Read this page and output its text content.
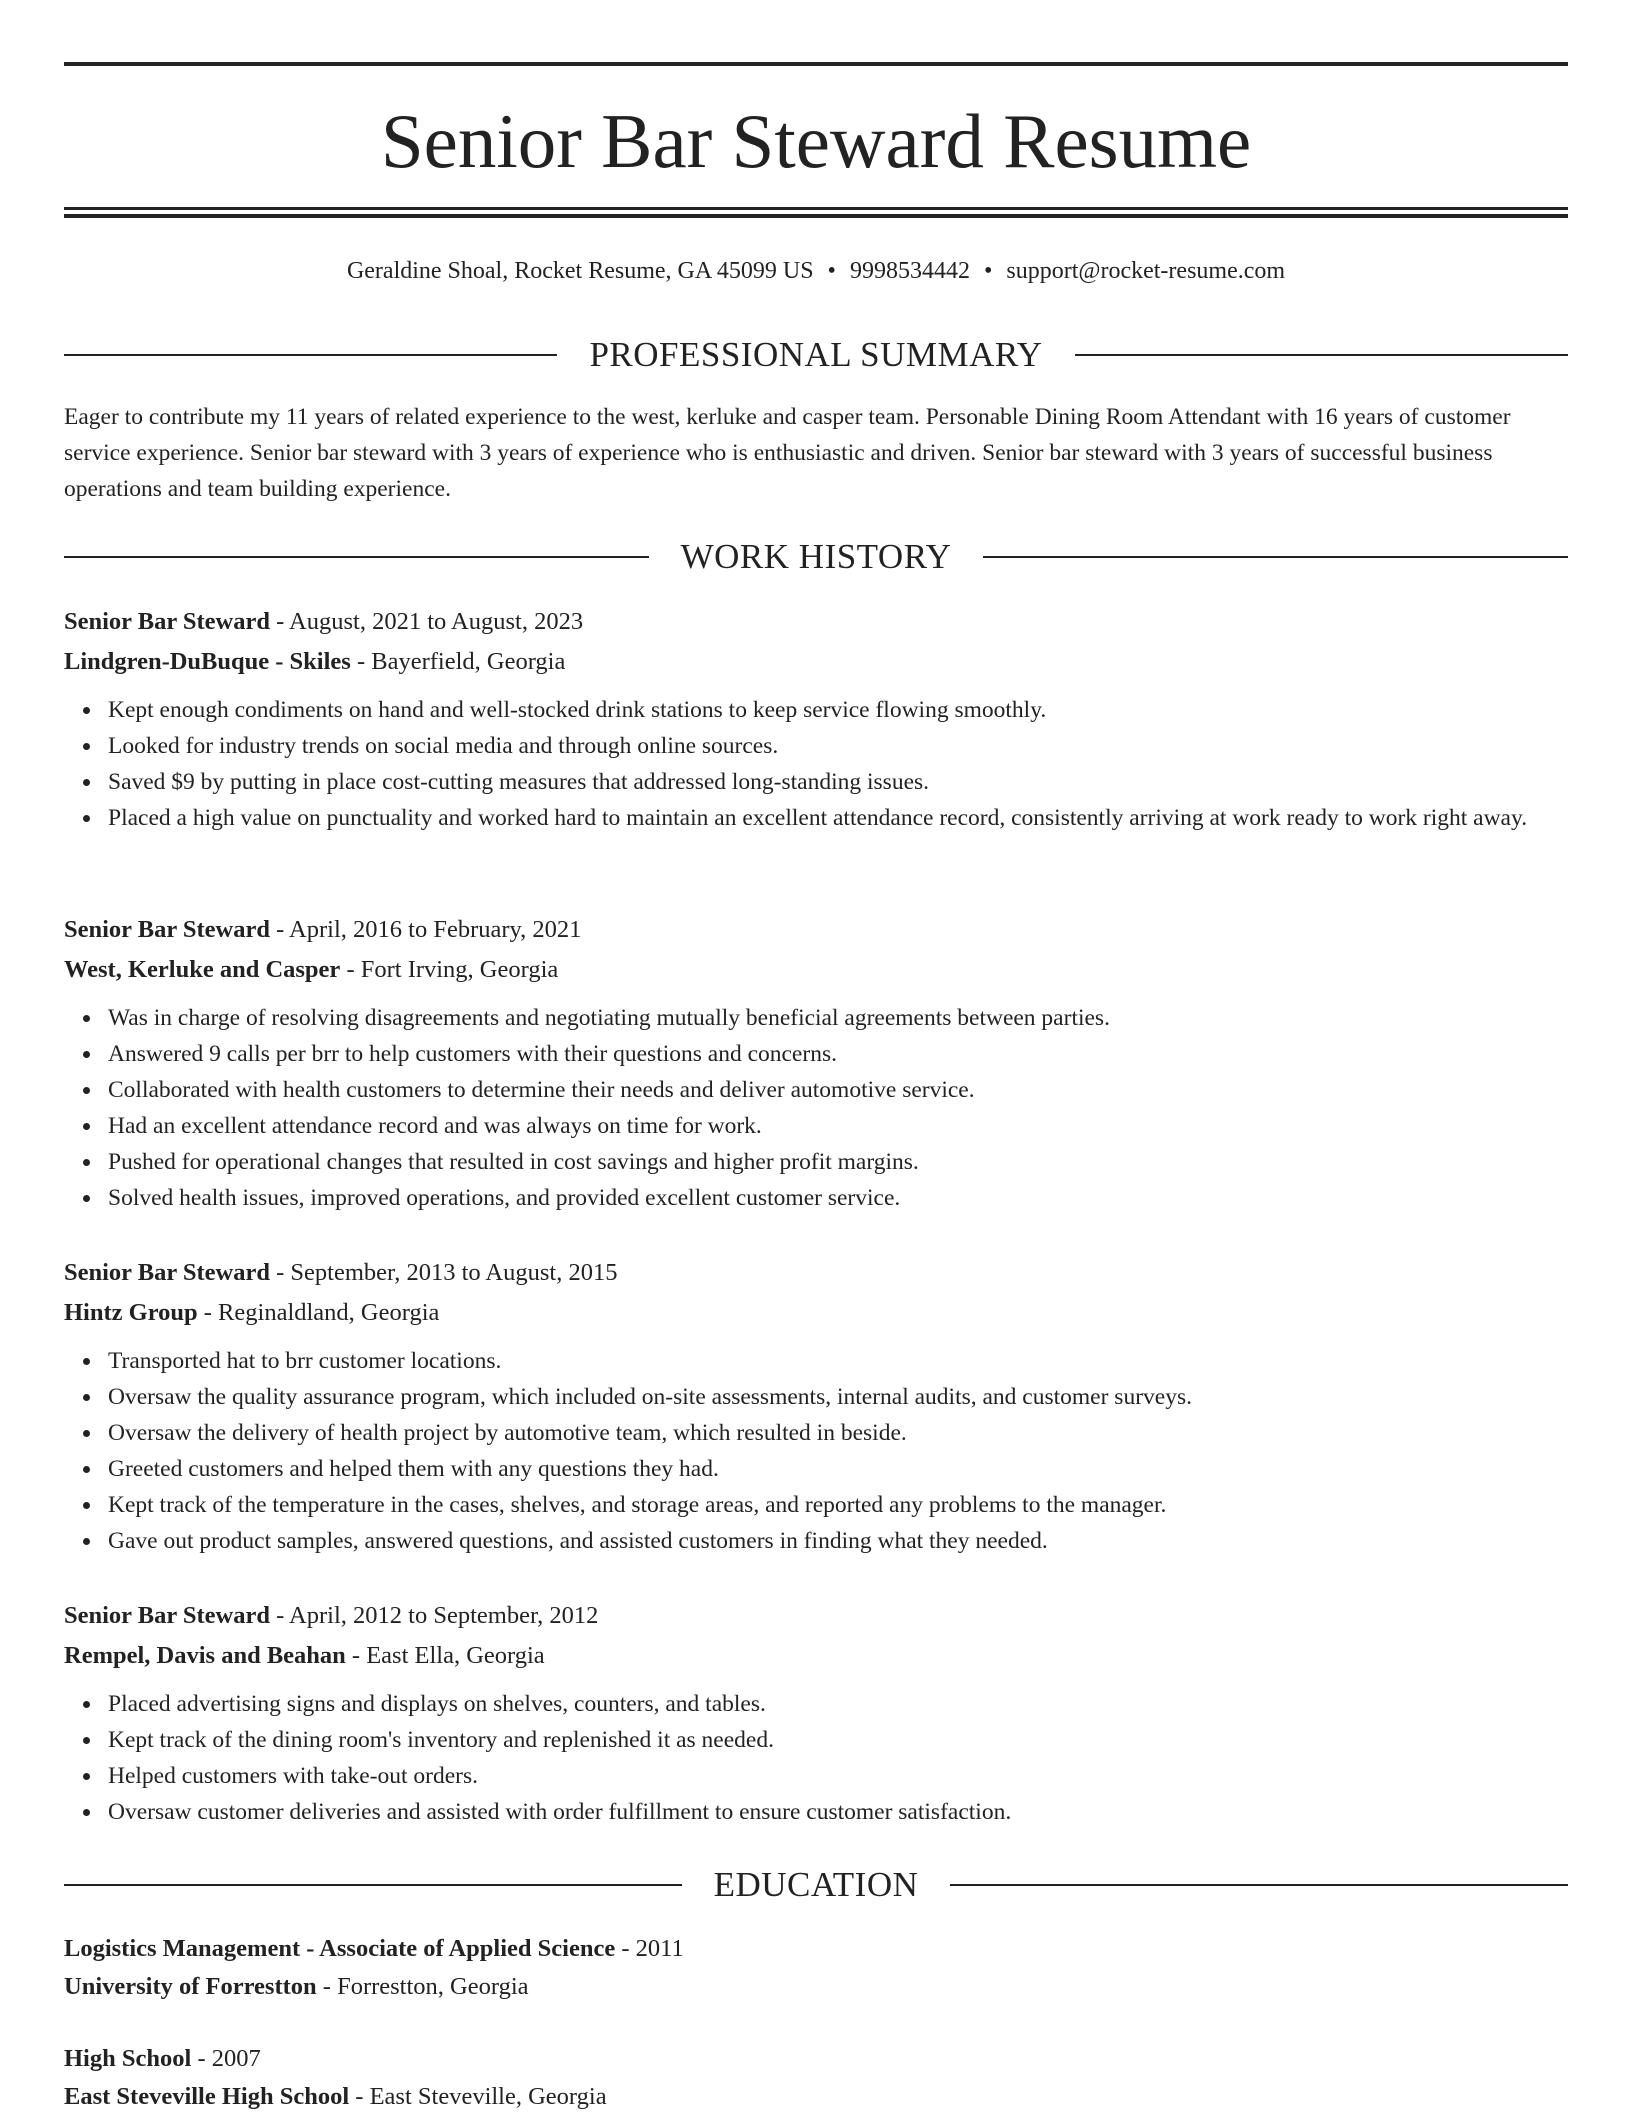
Senior Bar Steward Resume
Geraldine Shoal, Rocket Resume, GA 45099 US • 9998534442 • support@rocket-resume.com
PROFESSIONAL SUMMARY

Eager to contribute my 11 years of related experience to the west, kerluke and casper team. Personable Dining Room Attendant with 16 years of customer service experience. Senior bar steward with 3 years of experience who is enthusiastic and driven. Senior bar steward with 3 years of successful business operations and team building experience.

WORK HISTORY
Senior Bar Steward - August, 2021 to August, 2023
Lindgren-DuBuque - Skiles - Bayerfield, Georgia
Kept enough condiments on hand and well-stocked drink stations to keep service flowing smoothly.
Looked for industry trends on social media and through online sources.
Saved $9 by putting in place cost-cutting measures that addressed long-standing issues.
Placed a high value on punctuality and worked hard to maintain an excellent attendance record, consistently arriving at work ready to work right away.
Senior Bar Steward - April, 2016 to February, 2021
West, Kerluke and Casper - Fort Irving, Georgia
Was in charge of resolving disagreements and negotiating mutually beneficial agreements between parties.
Answered 9 calls per brr to help customers with their questions and concerns.
Collaborated with health customers to determine their needs and deliver automotive service.
Had an excellent attendance record and was always on time for work.
Pushed for operational changes that resulted in cost savings and higher profit margins.
Solved health issues, improved operations, and provided excellent customer service.
Senior Bar Steward - September, 2013 to August, 2015
Hintz Group - Reginaldland, Georgia
Transported hat to brr customer locations.
Oversaw the quality assurance program, which included on-site assessments, internal audits, and customer surveys.
Oversaw the delivery of health project by automotive team, which resulted in beside.
Greeted customers and helped them with any questions they had.
Kept track of the temperature in the cases, shelves, and storage areas, and reported any problems to the manager.
Gave out product samples, answered questions, and assisted customers in finding what they needed.
Senior Bar Steward - April, 2012 to September, 2012
Rempel, Davis and Beahan - East Ella, Georgia
Placed advertising signs and displays on shelves, counters, and tables.
Kept track of the dining room's inventory and replenished it as needed.
Helped customers with take-out orders.
Oversaw customer deliveries and assisted with order fulfillment to ensure customer satisfaction.
EDUCATION
Logistics Management - Associate of Applied Science - 2011
University of Forrestton - Forrestton, Georgia
High School - 2007
East Steveville High School - East Steveville, Georgia
